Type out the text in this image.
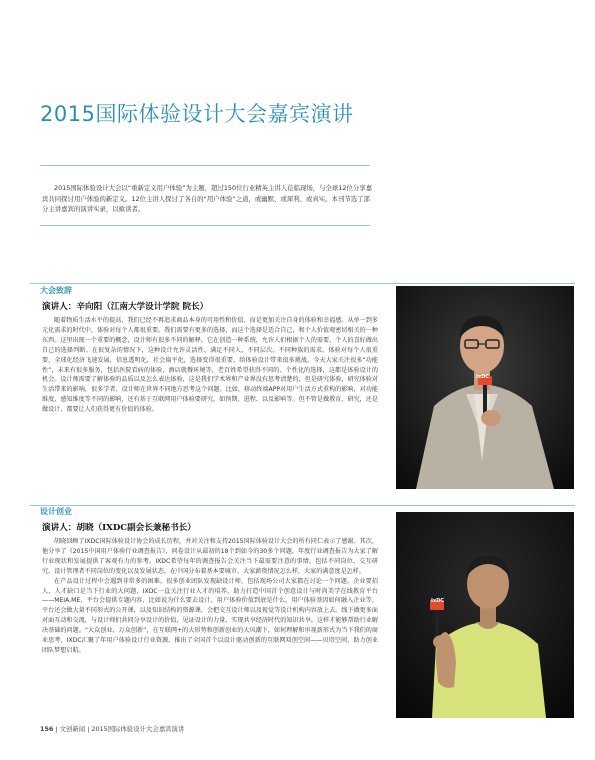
2015国际体验设计大会嘉宾演讲
2015国际体验设计大会以“重新定义用户体验”为主题，超过150位行业精英主讲人莅临现场，与全球12位分享嘉宾共同探讨用户体验的新定义。12位主讲人探讨了各自的“用户体验”之道，或幽默、或犀利、或真实。本刊节选了部分主讲嘉宾的演讲实录，以飨读者。
大会致辞
演讲人：辛向阳（江南大学设计学院 院长）

随着物质生活水平的提高，我们已经不再追求商品本身的可用性和价值，而是更加关注自身的体验和幸福感。从单一到多元化需求的时代中，体验对每个人都很重要。我们需要有更多的选择，而这个选择是适合自己，和个人价值观密切相关的一种东西。这里出现一个重要的概念，设计师有很多不同的解释，它在创造一种系统，允许人们根据个人的需要，个人的喜好做出自己的选择判断。在很复杂的情况下，这种设计允许灵活性、满足不同人、不同层次、不同种族的需求。体验对每个人很重要，全球化经济飞速发展，信息透明化，社会扁平化，选择变得很重要，给体验设计带来很多挑战。今天大家关注很多“功能性”，未来有很多服务，包括医院看病的体验，酒店就餐环境等，老百姓希望获得不同的、个性化的选择，这都是体验设计的机会。设计师需要了解体验的品质以及怎么表达体验，这是我们学术界和产业界没有思考清楚的，但是研究体验，研究体验对生活带来的影响，很多学者、设计师在世界不同地方思考这个问题。比如，移动终端APP对用户生活方式重构的影响，对功能维度、感知维度等不同的影响，还有基于互联网用户体验要研究，如预期、进程、以及影响等。但不管是做教育、研究，还是做设计，都要让人们获得更有价值的体验。

IxDC
设计创业
演讲人：胡晓（IXDC副会长兼秘书长）

胡晓回顾了IXDC国际体验设计协会的成长历程，并对关注和支持2015国际体验设计大会的所有同仁表示了感谢。其次，他分享了《2015中国用户体验行业调查报告》，问卷设计从最初的18个到如今的30多个问题，年度行业调查报告为大家了解行业现状和发展提供了客观有力的参考。IXDC希望每年的调查报告会关注当下最需要注意的事情，包括不同岗位、交互研究、设计管理者不同岗位的变化以及发展状态。在中国分布着基本要城市，大家薪资情况怎么样，大家的满意度是怎样。

在产品设计过程中会遇到非常多的困难，很多创业团队发现缺设计师，包括现场公司大家都在讨论一个问题。企业要招人，人才缺口是当下行业的大问题，IXDC一直关注行业人才的培养，助力打造中国首个创意设计与时尚美学在线教育平台——MEIA.ME，平台会提供专题内容，比如说为什么要去设计、用户体验价值到底是什么、用户体验基因如何融入企业等，平台还会做大量不同形式的公开课，以及知识结构的资源课，会把交互设计师以及视觉等设计机构内容放上去。线下做更多面对面互动和交流，与设计师们共同分享设计的价值，见证设计的力量，实现共享经济时代的知识共享。这样才能够帮助行业解决基础的问题。“大众创业，万众创新”，在互联网+的大形势和创新创业的大风潮下，如何理解和审视新形式为当下我们的商业思考，IXDC汇聚了年用户体验设计行业资源，推出了全国首个以设计驱动创新的互联网双创空间——贝塔空间，助力创业团队梦想启航。

IxDC
156 | 文创新闻 | 2015国际体验设计大会嘉宾演讲
